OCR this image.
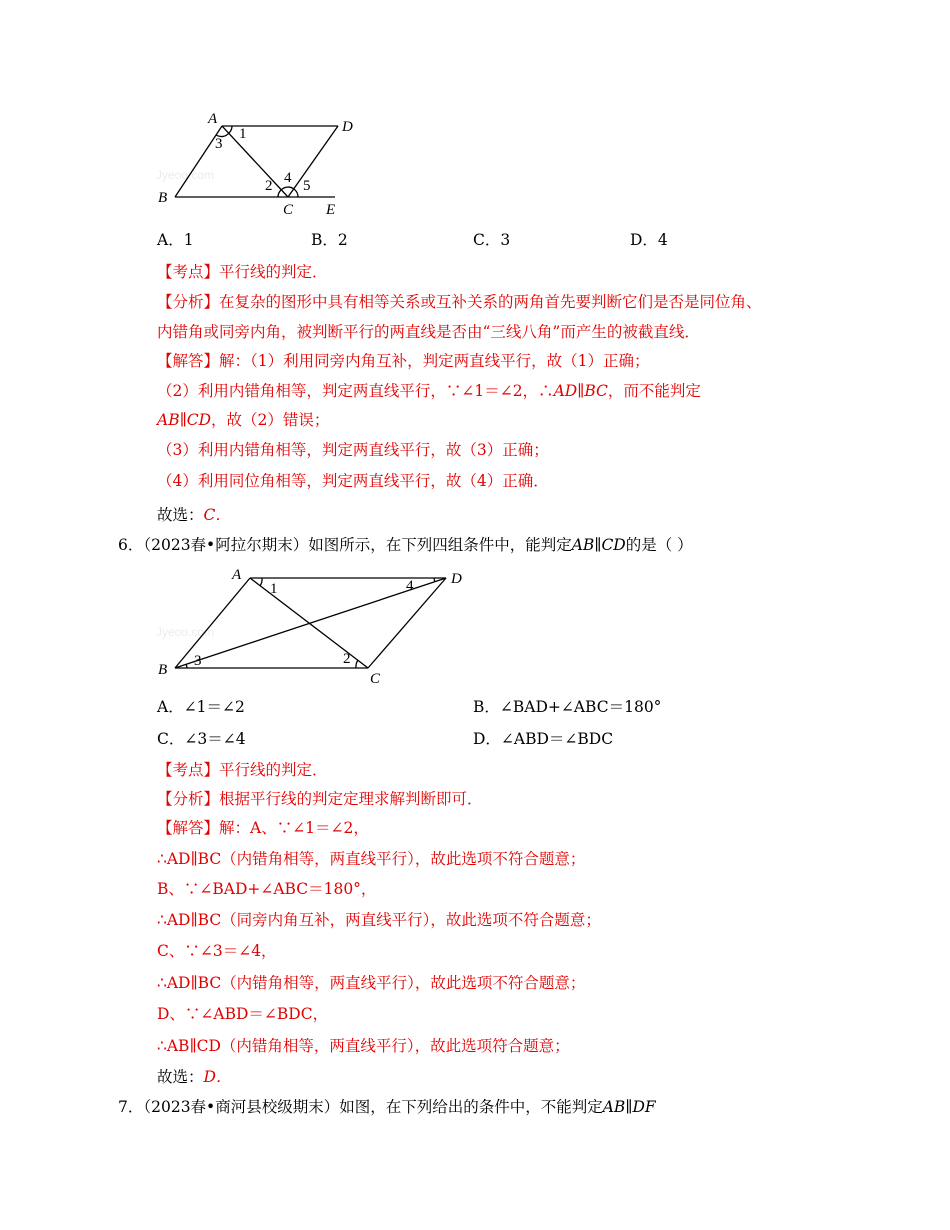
Jyeoo.com
A	D
B
C E
1
3
2 4 5
A．1	B．2	C．3	D．4
【考点】平行线的判定．
【分析】在复杂的图形中具有相等关系或互补关系的两角首先要判断它们是否是同位角、
内错角或同旁内角，被判断平行的两直线是否由“三线八角”而产生的被截直线．
【解答】解：（1）利用同旁内角互补，判定两直线平行，故（1）正确；
（2）利用内错角相等，判定两直线平行，∵∠1＝∠2，∴AD∥BC，而不能判定
AB∥CD，故（2）错误；
（3）利用内错角相等，判定两直线平行，故（3）正确；
（4）利用同位角相等，判定两直线平行，故（4）正确．
故选：C．
6．（2023春•阿拉尔期末）如图所示，在下列四组条件中，能判定AB∥CD的是（ ）
Jyeoo.com
A	D
B
C
1
2
3
4
A．∠1＝∠2	B．∠BAD+∠ABC＝180°
C．∠3＝∠4	D．∠ABD＝∠BDC
【考点】平行线的判定．
【分析】根据平行线的判定定理求解判断即可．
【解答】解：A、∵∠1＝∠2，
∴AD∥BC（内错角相等，两直线平行），故此选项不符合题意；
B、∵∠BAD+∠ABC＝180°，
∴AD∥BC（同旁内角互补，两直线平行），故此选项不符合题意；
C、∵∠3＝∠4，
∴AD∥BC（内错角相等，两直线平行），故此选项不符合题意；
D、∵∠ABD＝∠BDC，
∴AB∥CD（内错角相等，两直线平行），故此选项符合题意；
故选：D．
7．（2023春•商河县校级期末）如图，在下列给出的条件中，不能判定AB∥DF
